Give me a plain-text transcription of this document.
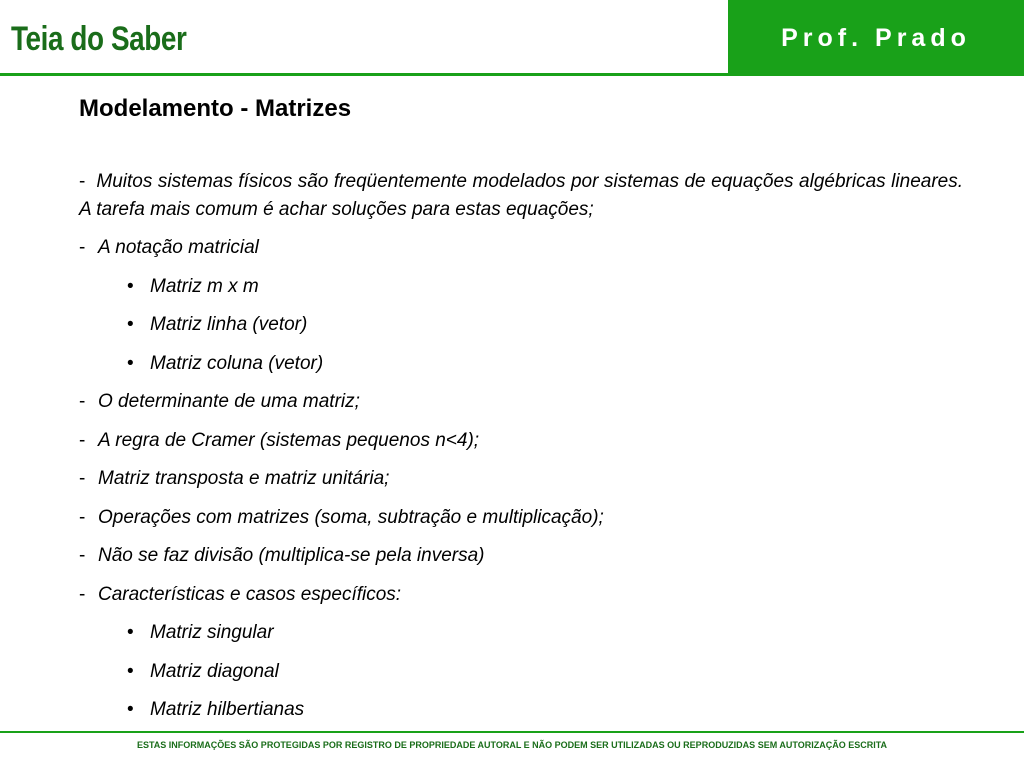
Teia do Saber	Prof. Prado
Modelamento - Matrizes

-  Muitos sistemas físicos são freqüentemente modelados por sistemas de equações algébricas lineares. A tarefa mais comum é achar soluções para estas equações;

- A notação matricial
• Matriz m x m
• Matriz linha (vetor)
• Matriz coluna (vetor)
- O determinante de uma matriz;
- A regra de Cramer (sistemas pequenos n<4);
- Matriz transposta e matriz unitária;
- Operações com matrizes (soma, subtração e multiplicação);
- Não se faz divisão (multiplica-se pela inversa)
- Características e casos específicos:
• Matriz singular
• Matriz diagonal
• Matriz hilbertianas
ESTAS INFORMAÇÕES SÃO PROTEGIDAS POR REGISTRO DE PROPRIEDADE AUTORAL E NÃO PODEM SER UTILIZADAS OU REPRODUZIDAS SEM AUTORIZAÇÃO ESCRITA
